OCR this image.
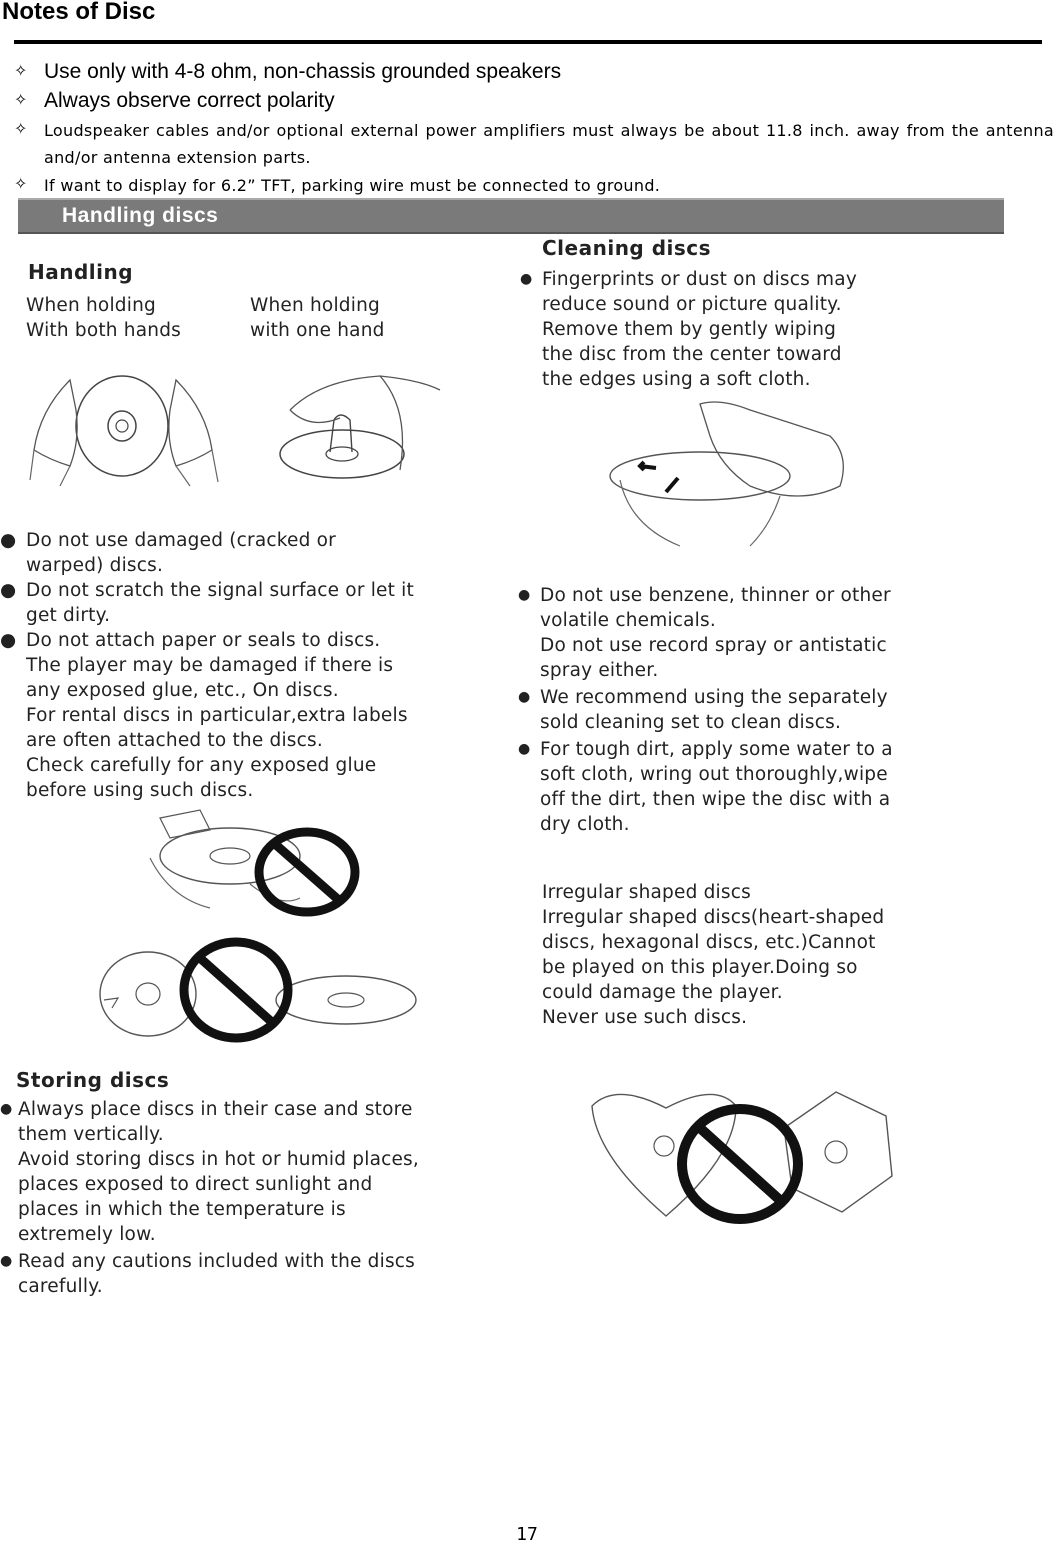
Notes of Disc
✧ Use only with 4-8 ohm, non-chassis grounded speakers
✧ Always observe correct polarity
✧	Loudspeaker cables and/or optional external power amplifiers must always be about 11.8 inch. away from the antenna and/or antenna extension parts.
✧	If want to display for 6.2” TFT, parking wire must be connected to ground.
Handling discs
Handling
When holding
With both hands
When holding
with one hand
● Do not use damaged (cracked or
warped) discs.
● Do not scratch the signal surface or let it
get dirty.
● Do not attach paper or seals to discs.
The player may be damaged if there is
any exposed glue, etc., On discs.
For rental discs in particular,extra labels
are often attached to the discs.
Check carefully for any exposed glue
before using such discs.
Cleaning discs
● Fingerprints or dust on discs may
reduce sound or picture quality.
Remove them by gently wiping
the disc from the center toward
the edges using a soft cloth.
● Do not use benzene, thinner or other
volatile chemicals.
Do not use record spray or antistatic
spray either.
● We recommend using the separately
sold cleaning set to clean discs.
● For tough dirt, apply some water to a
soft cloth, wring out thoroughly,wipe
off the dirt, then wipe the disc with a
dry cloth.
Irregular shaped discs
Irregular shaped discs(heart-shaped
discs, hexagonal discs, etc.)Cannot
be played on this player.Doing so
could damage the player.
Never use such discs.
Storing discs
● Always place discs in their case and store
them vertically.
Avoid storing discs in hot or humid places,
places exposed to direct sunlight and
places in which the temperature is
extremely low.
● Read any cautions included with the discs
carefully.
17
